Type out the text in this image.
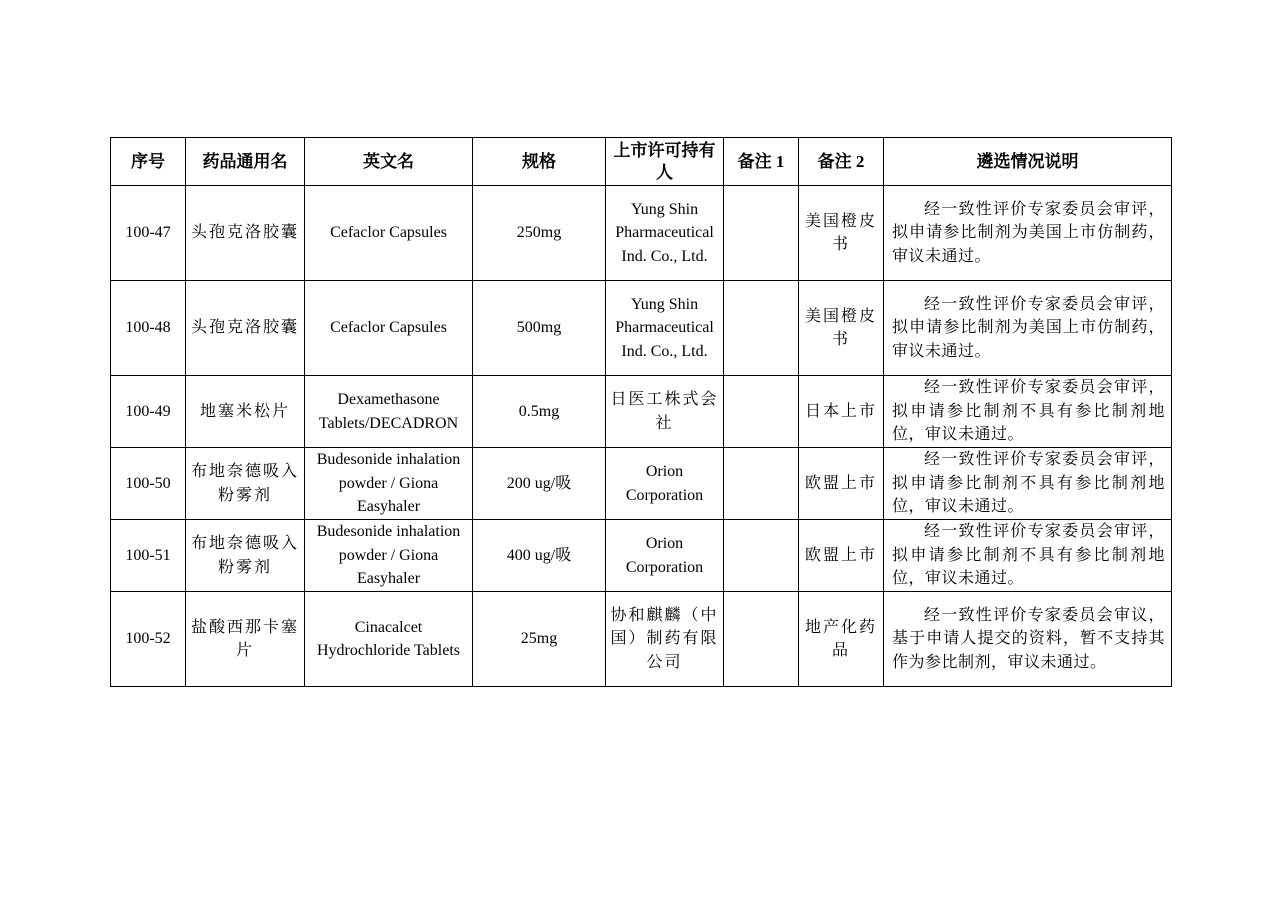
序号	药品通用名	英文名	规格	上市许可持有人	备注 1	备注 2	遴选情况说明
100-47	头孢克洛胶囊	Cefaclor Capsules	250mg	Yung Shin Pharmaceutical Ind. Co., Ltd.		美国橙皮书	经一致性评价专家委员会审评，拟申请参比制剂为美国上市仿制药，审议未通过。
100-48	头孢克洛胶囊	Cefaclor Capsules	500mg	Yung Shin Pharmaceutical Ind. Co., Ltd.		美国橙皮书	经一致性评价专家委员会审评，拟申请参比制剂为美国上市仿制药，审议未通过。
100-49	地塞米松片	Dexamethasone Tablets/DECADRON	0.5mg	日医工株式会社		日本上市	经一致性评价专家委员会审评，拟申请参比制剂不具有参比制剂地位，审议未通过。
100-50	布地奈德吸入粉雾剂	Budesonide inhalation powder / Giona Easyhaler	200 ug/吸	Orion Corporation		欧盟上市	经一致性评价专家委员会审评，拟申请参比制剂不具有参比制剂地位，审议未通过。
100-51	布地奈德吸入粉雾剂	Budesonide inhalation powder / Giona Easyhaler	400 ug/吸	Orion Corporation		欧盟上市	经一致性评价专家委员会审评，拟申请参比制剂不具有参比制剂地位，审议未通过。
100-52	盐酸西那卡塞片	Cinacalcet Hydrochloride Tablets	25mg	协和麒麟（中国）制药有限公司		地产化药品	经一致性评价专家委员会审议，基于申请人提交的资料，暂不支持其作为参比制剂，审议未通过。
